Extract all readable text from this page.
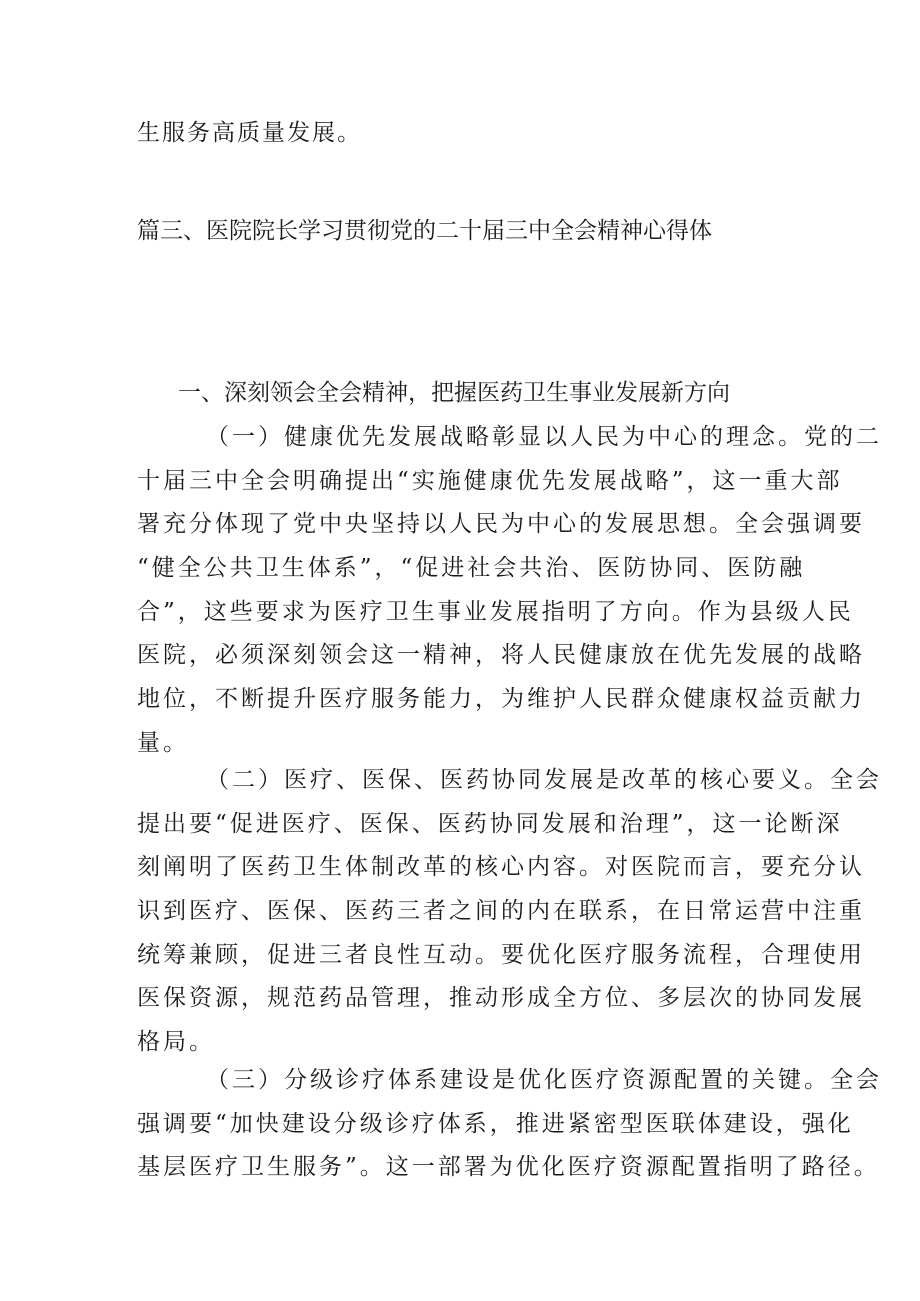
生服务高质量发展。
篇三、医院院长学习贯彻党的二十届三中全会精神心得体
一、深刻领会全会精神，把握医药卫生事业发展新方向
（一）健康优先发展战略彰显以人民为中心的理念。党的二
十届三中全会明确提出“实施健康优先发展战略”，这一重大部
署充分体现了党中央坚持以人民为中心的发展思想。全会强调要
“健全公共卫生体系”，“促进社会共治、医防协同、医防融
合”，这些要求为医疗卫生事业发展指明了方向。作为县级人民
医院，必须深刻领会这一精神，将人民健康放在优先发展的战略
地位，不断提升医疗服务能力，为维护人民群众健康权益贡献力
量。
（二）医疗、医保、医药协同发展是改革的核心要义。全会
提出要“促进医疗、医保、医药协同发展和治理”，这一论断深
刻阐明了医药卫生体制改革的核心内容。对医院而言，要充分认
识到医疗、医保、医药三者之间的内在联系，在日常运营中注重
统筹兼顾，促进三者良性互动。要优化医疗服务流程，合理使用
医保资源，规范药品管理，推动形成全方位、多层次的协同发展
格局。
（三）分级诊疗体系建设是优化医疗资源配置的关键。全会
强调要“加快建设分级诊疗体系，推进紧密型医联体建设，强化
基层医疗卫生服务”。这一部署为优化医疗资源配置指明了路径。
